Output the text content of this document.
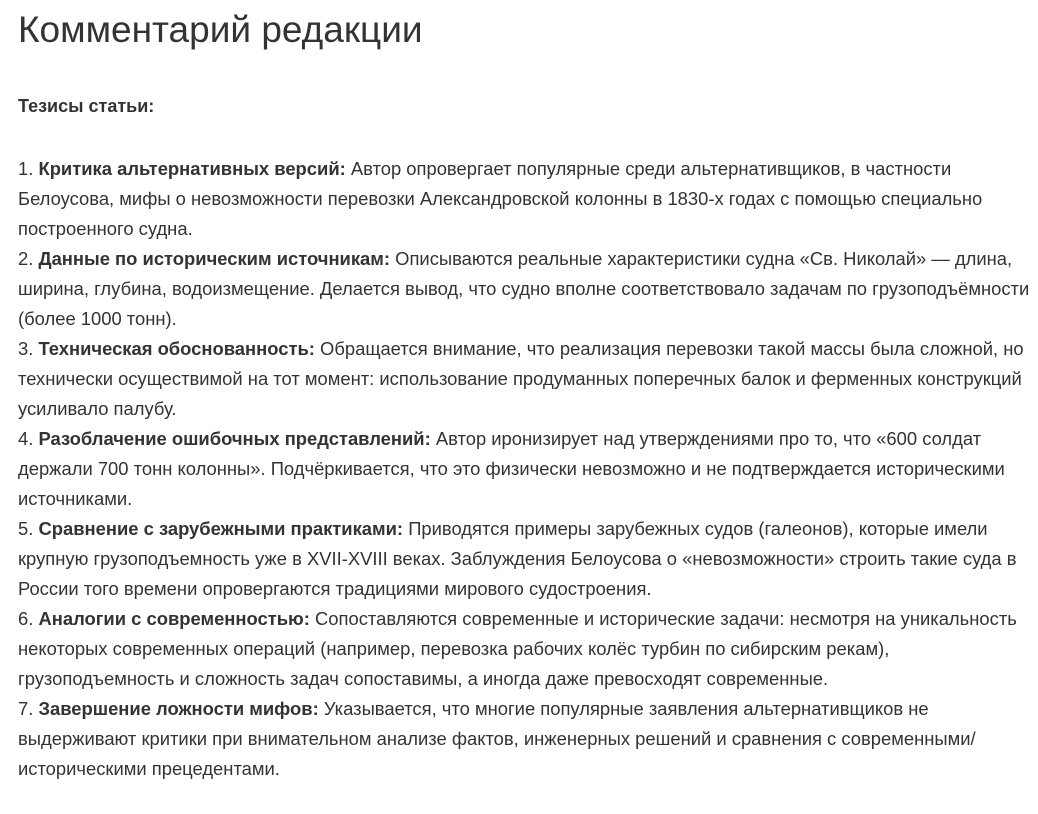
Комментарий редакции

Тезисы статьи:

1. Критика альтернативных версий: Автор опровергает популярные среди альтернативщиков, в частности Белоусова, мифы о невозможности перевозки Александровской колонны в 1830-х годах с помощью специально построенного судна.
2. Данные по историческим источникам: Описываются реальные характеристики судна «Св. Николай» — длина, ширина, глубина, водоизмещение. Делается вывод, что судно вполне соответствовало задачам по грузоподъёмности (более 1000 тонн).
3. Техническая обоснованность: Обращается внимание, что реализация перевозки такой массы была сложной, но технически осуществимой на тот момент: использование продуманных поперечных балок и ферменных конструкций усиливало палубу.
4. Разоблачение ошибочных представлений: Автор иронизирует над утверждениями про то, что «600 солдат держали 700 тонн колонны». Подчёркивается, что это физически невозможно и не подтверждается историческими источниками.
5. Сравнение с зарубежными практиками: Приводятся примеры зарубежных судов (галеонов), которые имели крупную грузоподъемность уже в XVII-XVIII веках. Заблуждения Белоусова о «невозможности» строить такие суда в России того времени опровергаются традициями мирового судостроения.
6. Аналогии с современностью: Сопоставляются современные и исторические задачи: несмотря на уникальность некоторых современных операций (например, перевозка рабочих колёс турбин по сибирским рекам), грузоподъемность и сложность задач сопоставимы, а иногда даже превосходят современные.
7. Завершение ложности мифов: Указывается, что многие популярные заявления альтернативщиков не выдерживают критики при внимательном анализе фактов, инженерных решений и сравнения с современными/историческими прецедентами.
